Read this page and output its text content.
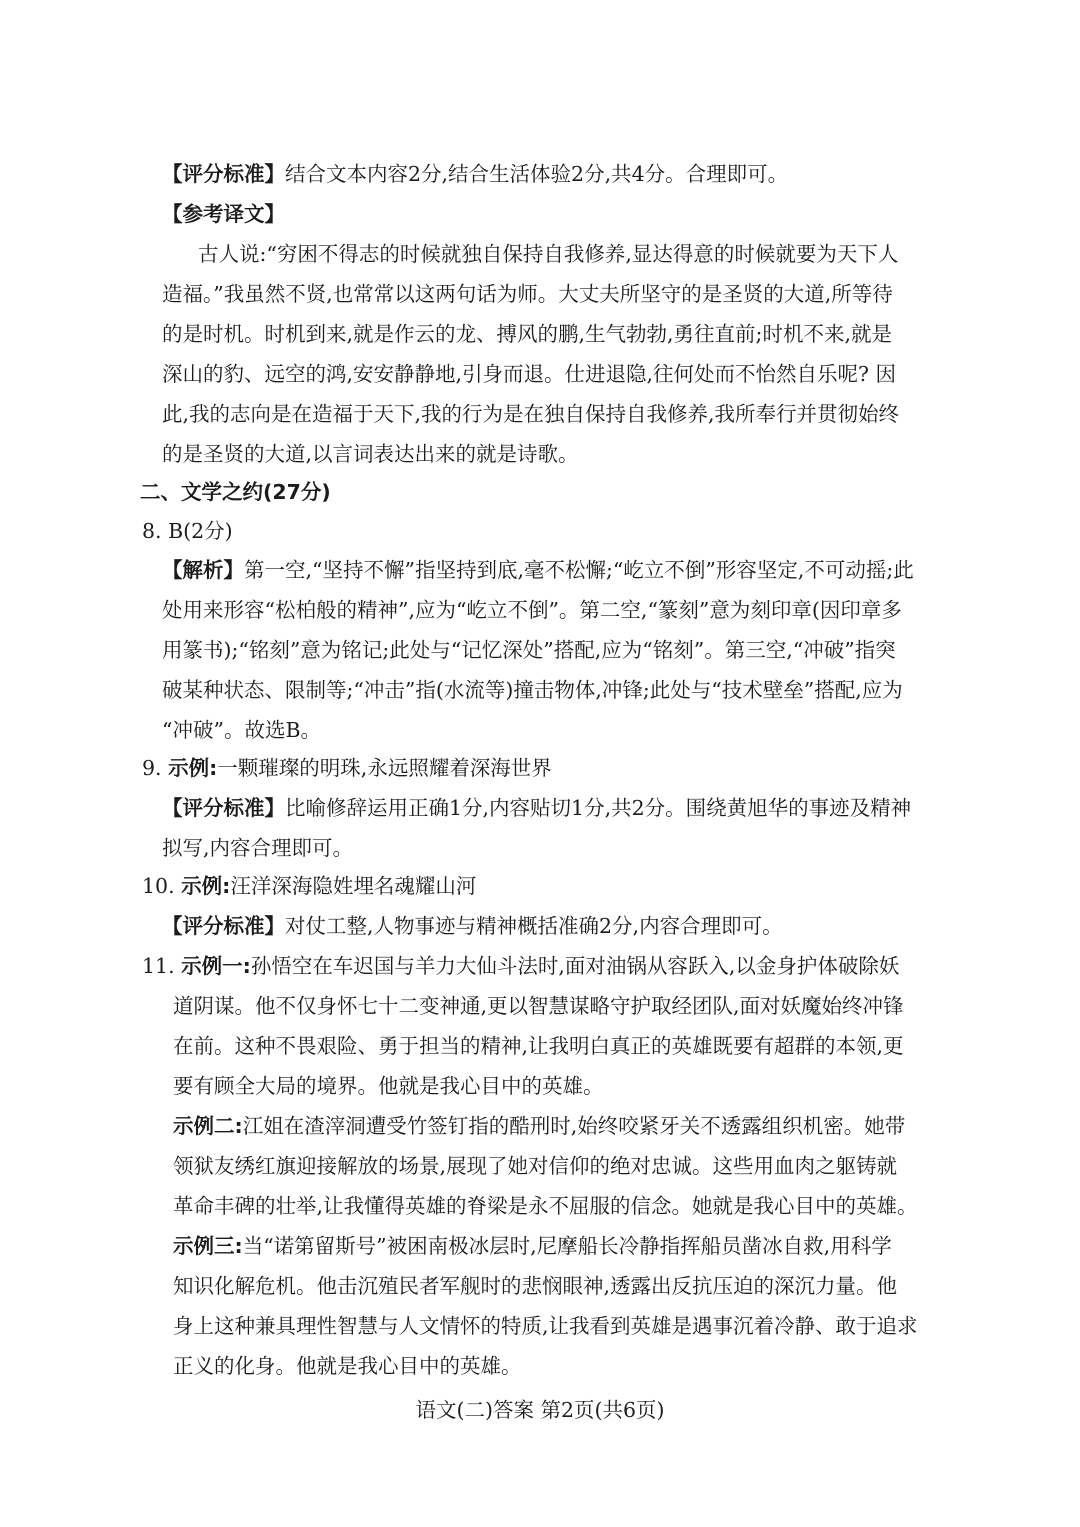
【评分标准】结合文本内容2分,结合生活体验2分,共4分。合理即可。
【参考译文】
古人说:“穷困不得志的时候就独自保持自我修养,显达得意的时候就要为天下人
造福。”我虽然不贤,也常常以这两句话为师。大丈夫所坚守的是圣贤的大道,所等待
的是时机。时机到来,就是作云的龙、搏风的鹏,生气勃勃,勇往直前;时机不来,就是
深山的豹、远空的鸿,安安静静地,引身而退。仕进退隐,往何处而不怡然自乐呢? 因
此,我的志向是在造福于天下,我的行为是在独自保持自我修养,我所奉行并贯彻始终
的是圣贤的大道,以言词表达出来的就是诗歌。
二、文学之约(27分)
8. B(2分)
【解析】第一空,“坚持不懈”指坚持到底,毫不松懈;“屹立不倒”形容坚定,不可动摇;此
处用来形容“松柏般的精神”,应为“屹立不倒”。第二空,“篆刻”意为刻印章(因印章多
用篆书);“铭刻”意为铭记;此处与“记忆深处”搭配,应为“铭刻”。第三空,“冲破”指突
破某种状态、限制等;“冲击”指(水流等)撞击物体,冲锋;此处与“技术壁垒”搭配,应为
“冲破”。故选B。
9. 示例:一颗璀璨的明珠,永远照耀着深海世界
【评分标准】比喻修辞运用正确1分,内容贴切1分,共2分。围绕黄旭华的事迹及精神
拟写,内容合理即可。
10. 示例:汪洋深海隐姓埋名魂耀山河
【评分标准】对仗工整,人物事迹与精神概括准确2分,内容合理即可。
11. 示例一:孙悟空在车迟国与羊力大仙斗法时,面对油锅从容跃入,以金身护体破除妖
道阴谋。他不仅身怀七十二变神通,更以智慧谋略守护取经团队,面对妖魔始终冲锋
在前。这种不畏艰险、勇于担当的精神,让我明白真正的英雄既要有超群的本领,更
要有顾全大局的境界。他就是我心目中的英雄。
示例二:江姐在渣滓洞遭受竹签钉指的酷刑时,始终咬紧牙关不透露组织机密。她带
领狱友绣红旗迎接解放的场景,展现了她对信仰的绝对忠诚。这些用血肉之躯铸就
革命丰碑的壮举,让我懂得英雄的脊梁是永不屈服的信念。她就是我心目中的英雄。
示例三:当“诺第留斯号”被困南极冰层时,尼摩船长冷静指挥船员凿冰自救,用科学
知识化解危机。他击沉殖民者军舰时的悲悯眼神,透露出反抗压迫的深沉力量。他
身上这种兼具理性智慧与人文情怀的特质,让我看到英雄是遇事沉着冷静、敢于追求
正义的化身。他就是我心目中的英雄。
语文(二)答案 第2页(共6页)
